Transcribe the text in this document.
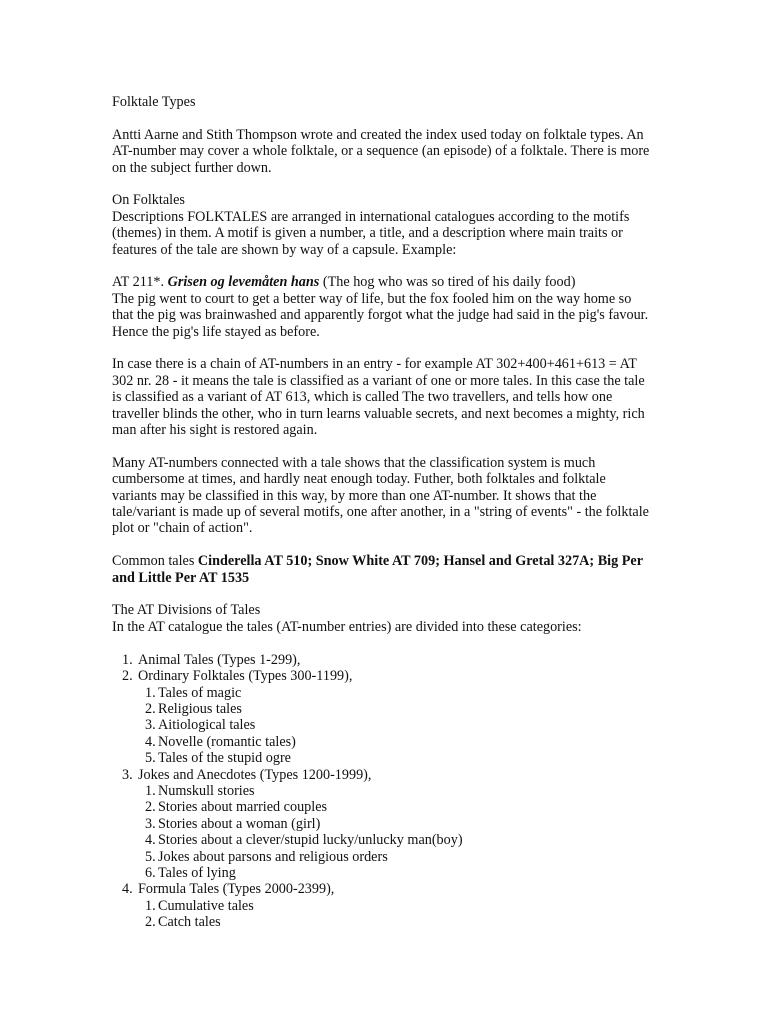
Folktale Types

Antti Aarne and Stith Thompson wrote and created the index used today on folktale types. An AT-number may cover a whole folktale, or a sequence (an episode) of a folktale. There is more on the subject further down.

On Folktales

Descriptions FOLKTALES are arranged in international catalogues according to the motifs (themes) in them. A motif is given a number, a title, and a description where main traits or features of the tale are shown by way of a capsule. Example:

AT 211*. Grisen og levemåten hans (The hog who was so tired of his daily food)

The pig went to court to get a better way of life, but the fox fooled him on the way home so that the pig was brainwashed and apparently forgot what the judge had said in the pig's favour. Hence the pig's life stayed as before.

In case there is a chain of AT-numbers in an entry - for example AT 302+400+461+613 = AT 302 nr. 28 - it means the tale is classified as a variant of one or more tales. In this case the tale is classified as a variant of AT 613, which is called The two travellers, and tells how one traveller blinds the other, who in turn learns valuable secrets, and next becomes a mighty, rich man after his sight is restored again.

Many AT-numbers connected with a tale shows that the classification system is much cumbersome at times, and hardly neat enough today. Futher, both folktales and folktale variants may be classified in this way, by more than one AT-number. It shows that the tale/variant is made up of several motifs, one after another, in a "string of events" - the folktale plot or "chain of action".

Common tales Cinderella AT 510; Snow White AT 709; Hansel and Gretal 327A; Big Per and Little Per AT 1535

The AT Divisions of Tales

In the AT catalogue the tales (AT-number entries) are divided into these categories:

1. Animal Tales (Types 1-299),
2. Ordinary Folktales (Types 300-1199),
1. Tales of magic
2. Religious tales
3. Aitiological tales
4. Novelle (romantic tales)
5. Tales of the stupid ogre
3. Jokes and Anecdotes (Types 1200-1999),
1. Numskull stories
2. Stories about married couples
3. Stories about a woman (girl)
4. Stories about a clever/stupid lucky/unlucky man(boy)
5. Jokes about parsons and religious orders
6. Tales of lying
4. Formula Tales (Types 2000-2399),
1. Cumulative tales
2. Catch tales
